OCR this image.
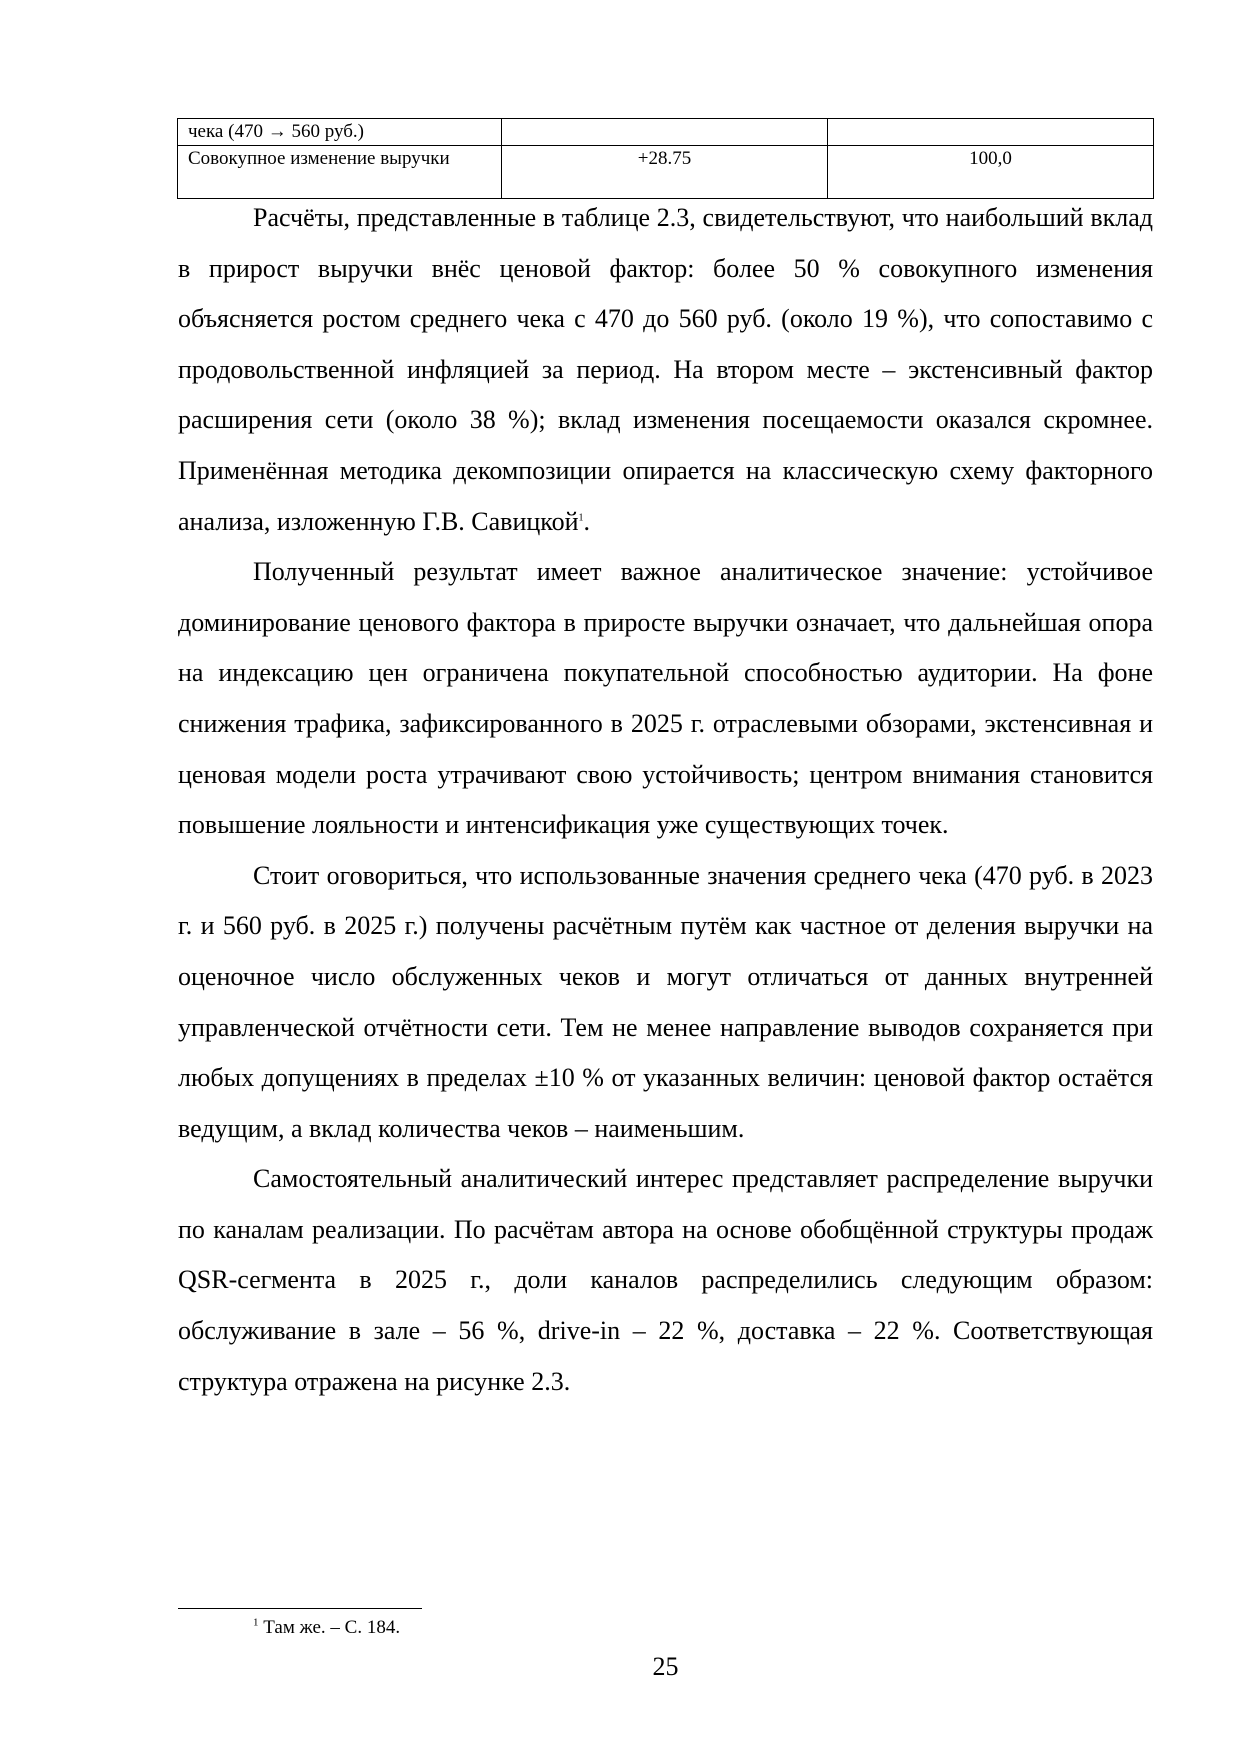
чека (470 → 560 руб.)		
Совокупное изменение выручки	+28.75	100,0

Расчёты, представленные в таблице 2.3, свидетельствуют, что наибольший вклад в прирост выручки внёс ценовой фактор: более 50 % совокупного изменения объясняется ростом среднего чека с 470 до 560 руб. (около 19 %), что сопоставимо с продовольственной инфляцией за период. На втором месте – экстенсивный фактор расширения сети (около 38 %); вклад изменения посещаемости оказался скромнее. Применённая методика декомпозиции опирается на классическую схему факторного анализа, изложенную Г.В. Савицкой$^1$.

Полученный результат имеет важное аналитическое значение: устойчивое доминирование ценового фактора в приросте выручки означает, что дальнейшая опора на индексацию цен ограничена покупательной способностью аудитории. На фоне снижения трафика, зафиксированного в 2025 г. отраслевыми обзорами, экстенсивная и ценовая модели роста утрачивают свою устойчивость; центром внимания становится повышение лояльности и интенсификация уже существующих точек.

Стоит оговориться, что использованные значения среднего чека (470 руб. в 2023 г. и 560 руб. в 2025 г.) получены расчётным путём как частное от деления выручки на оценочное число обслуженных чеков и могут отличаться от данных внутренней управленческой отчётности сети. Тем не менее направление выводов сохраняется при любых допущениях в пределах ±10 % от указанных величин: ценовой фактор остаётся ведущим, а вклад количества чеков – наименьшим.

Самостоятельный аналитический интерес представляет распределение выручки по каналам реализации. По расчётам автора на основе обобщённой структуры продаж QSR-сегмента в 2025 г., доли каналов распределились следующим образом: обслуживание в зале – 56 %, drive-in – 22 %, доставка – 22 %. Соответствующая структура отражена на рисунке 2.3.

$^1$ Там же. – С. 184.
25
